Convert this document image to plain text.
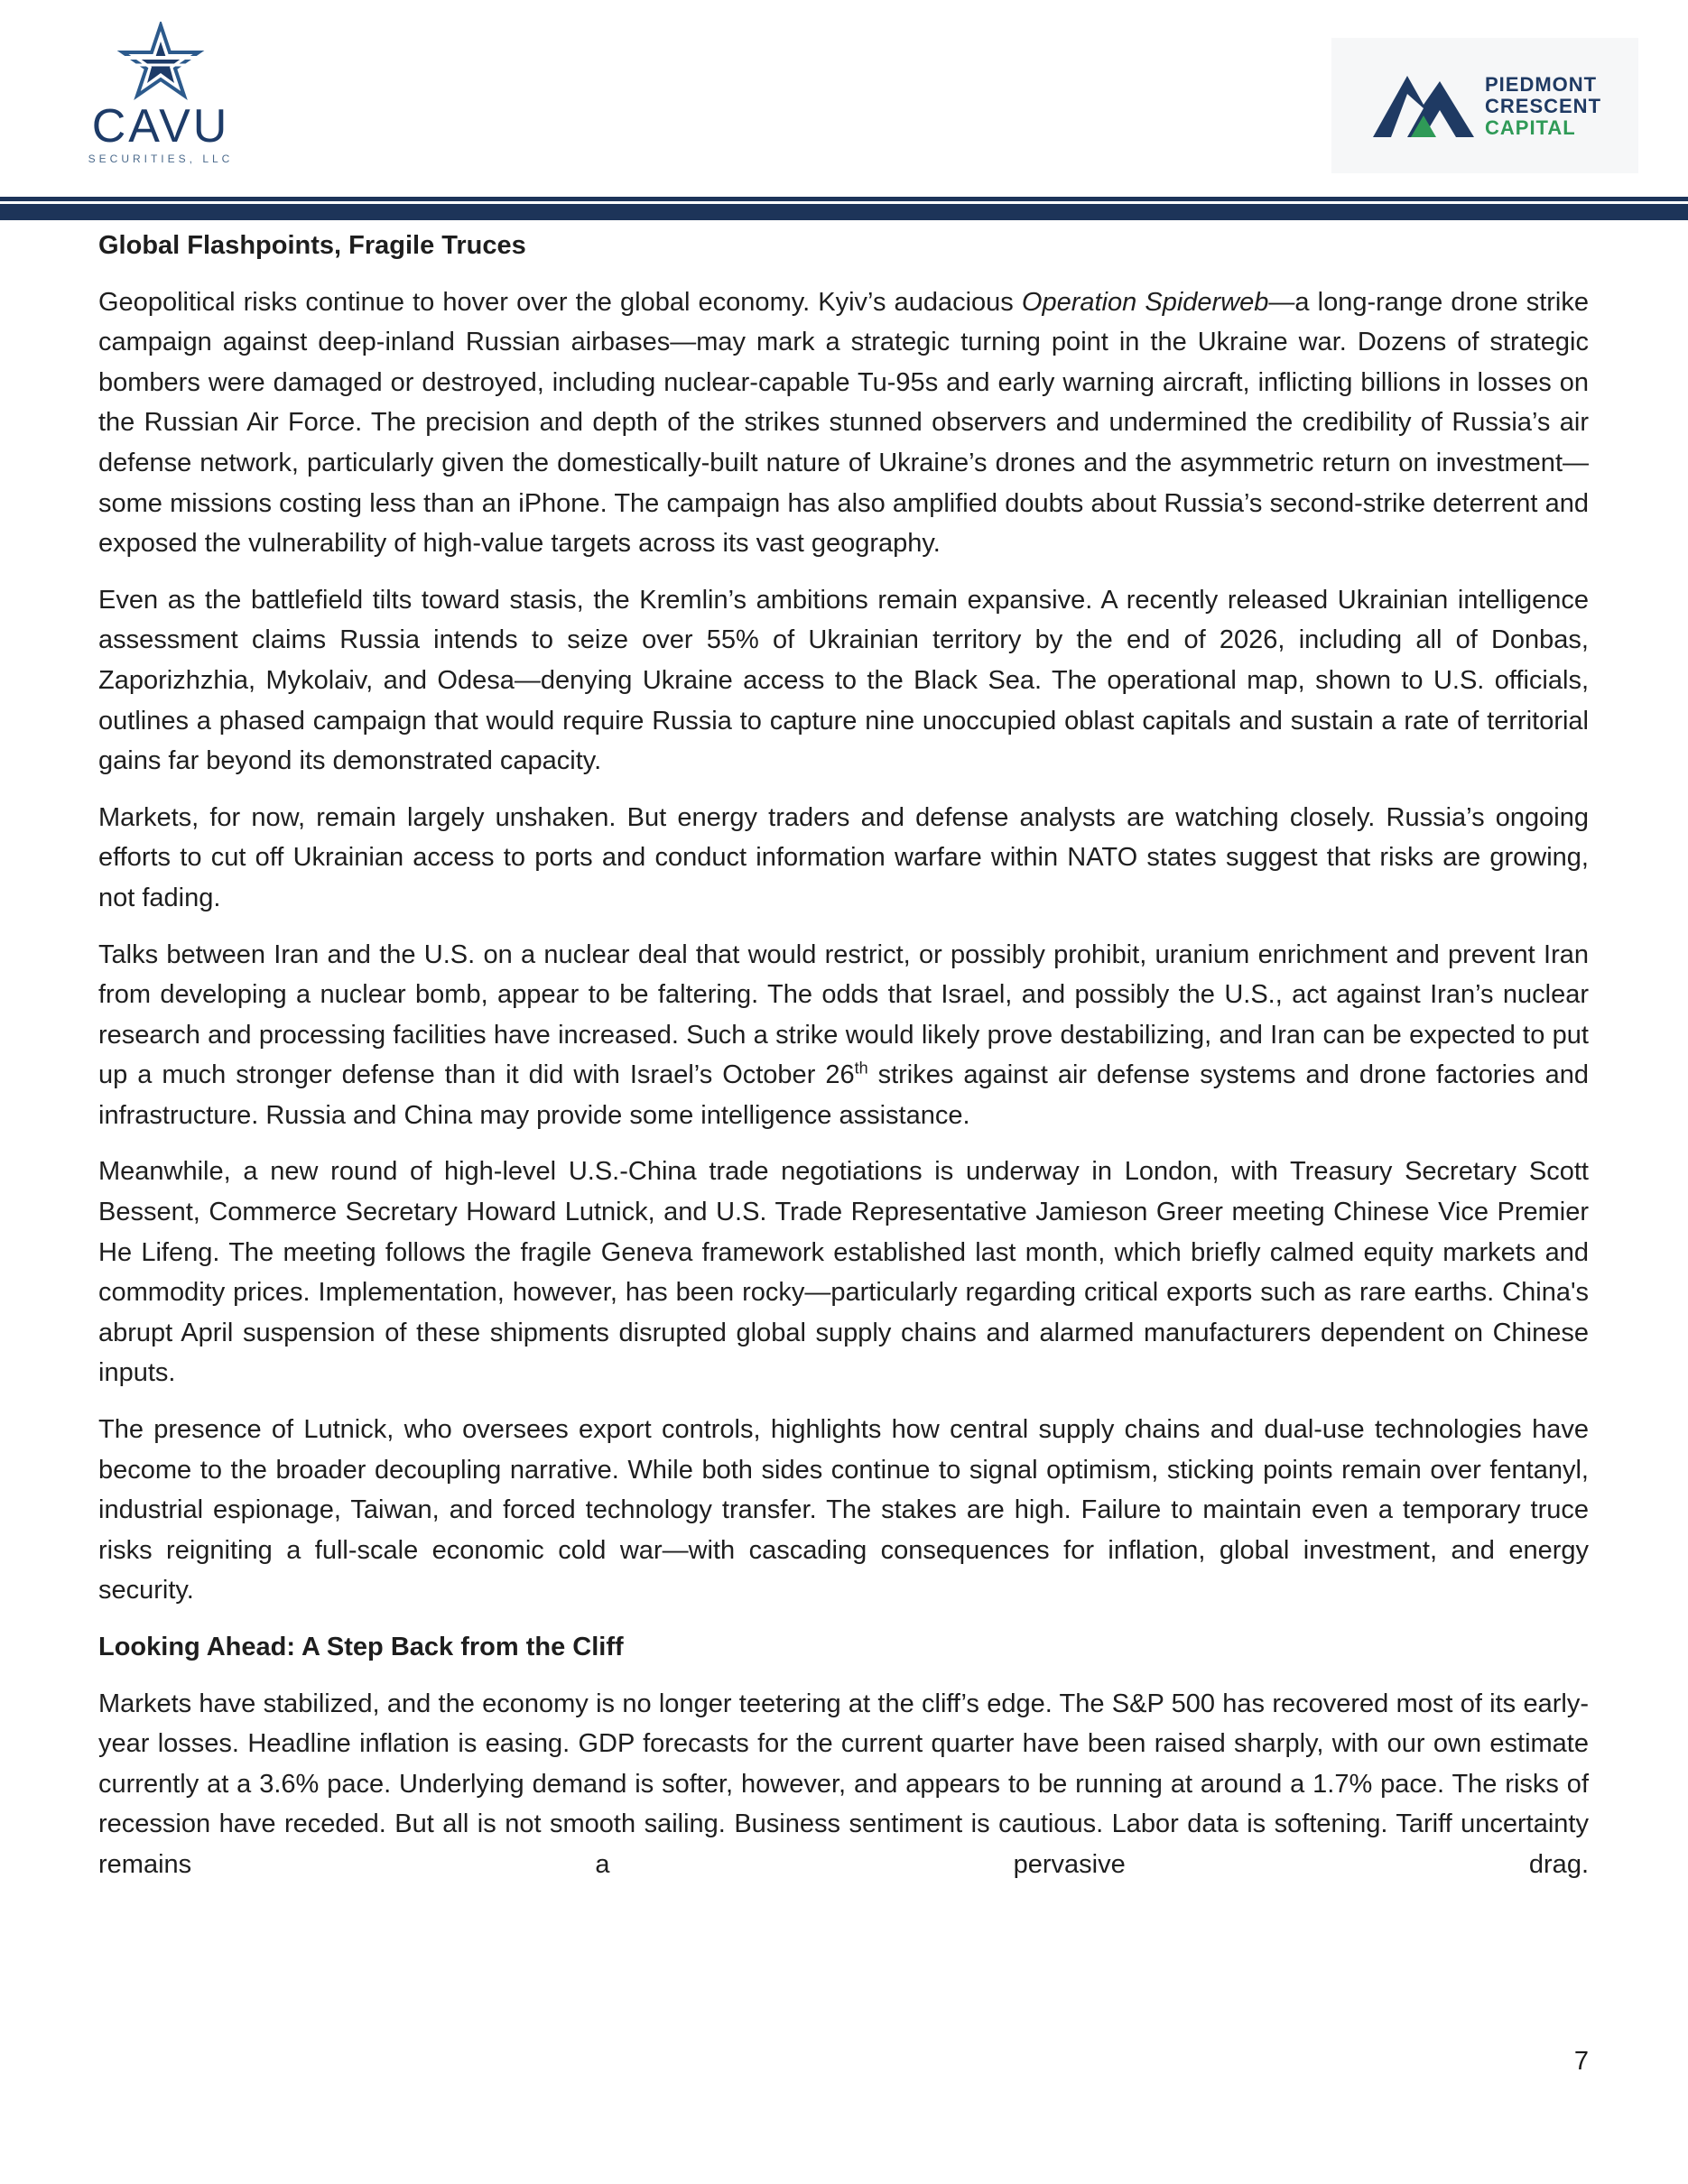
CAVU
SECURITIES, LLC
PIEDMONT
CRESCENT
CAPITAL
Global Flashpoints, Fragile Truces

Geopolitical risks continue to hover over the global economy. Kyiv’s audacious Operation Spiderweb—a long-range drone strike campaign against deep-inland Russian airbases—may mark a strategic turning point in the Ukraine war. Dozens of strategic bombers were damaged or destroyed, including nuclear-capable Tu-95s and early warning aircraft, inflicting billions in losses on the Russian Air Force. The precision and depth of the strikes stunned observers and undermined the credibility of Russia’s air defense network, particularly given the domestically-built nature of Ukraine’s drones and the asymmetric return on investment—some missions costing less than an iPhone. The campaign has also amplified doubts about Russia’s second-strike deterrent and exposed the vulnerability of high-value targets across its vast geography.

Even as the battlefield tilts toward stasis, the Kremlin’s ambitions remain expansive. A recently released Ukrainian intelligence assessment claims Russia intends to seize over 55% of Ukrainian territory by the end of 2026, including all of Donbas, Zaporizhzhia, Mykolaiv, and Odesa—denying Ukraine access to the Black Sea. The operational map, shown to U.S. officials, outlines a phased campaign that would require Russia to capture nine unoccupied oblast capitals and sustain a rate of territorial gains far beyond its demonstrated capacity.

Markets, for now, remain largely unshaken. But energy traders and defense analysts are watching closely. Russia’s ongoing efforts to cut off Ukrainian access to ports and conduct information warfare within NATO states suggest that risks are growing, not fading.

Talks between Iran and the U.S. on a nuclear deal that would restrict, or possibly prohibit, uranium enrichment and prevent Iran from developing a nuclear bomb, appear to be faltering. The odds that Israel, and possibly the U.S., act against Iran’s nuclear research and processing facilities have increased. Such a strike would likely prove destabilizing, and Iran can be expected to put up a much stronger defense than it did with Israel’s October 26th strikes against air defense systems and drone factories and infrastructure. Russia and China may provide some intelligence assistance.

Meanwhile, a new round of high-level U.S.-China trade negotiations is underway in London, with Treasury Secretary Scott Bessent, Commerce Secretary Howard Lutnick, and U.S. Trade Representative Jamieson Greer meeting Chinese Vice Premier He Lifeng. The meeting follows the fragile Geneva framework established last month, which briefly calmed equity markets and commodity prices. Implementation, however, has been rocky—particularly regarding critical exports such as rare earths. China's abrupt April suspension of these shipments disrupted global supply chains and alarmed manufacturers dependent on Chinese inputs.

The presence of Lutnick, who oversees export controls, highlights how central supply chains and dual-use technologies have become to the broader decoupling narrative. While both sides continue to signal optimism, sticking points remain over fentanyl, industrial espionage, Taiwan, and forced technology transfer. The stakes are high. Failure to maintain even a temporary truce risks reigniting a full-scale economic cold war—with cascading consequences for inflation, global investment, and energy security.

Looking Ahead: A Step Back from the Cliff

Markets have stabilized, and the economy is no longer teetering at the cliff’s edge. The S&P 500 has recovered most of its early-year losses. Headline inflation is easing. GDP forecasts for the current quarter have been raised sharply, with our own estimate currently at a 3.6% pace. Underlying demand is softer, however, and appears to be running at around a 1.7% pace. The risks of recession have receded. But all is not smooth sailing. Business sentiment is cautious. Labor data is softening. Tariff uncertainty remains a pervasive drag.

7
